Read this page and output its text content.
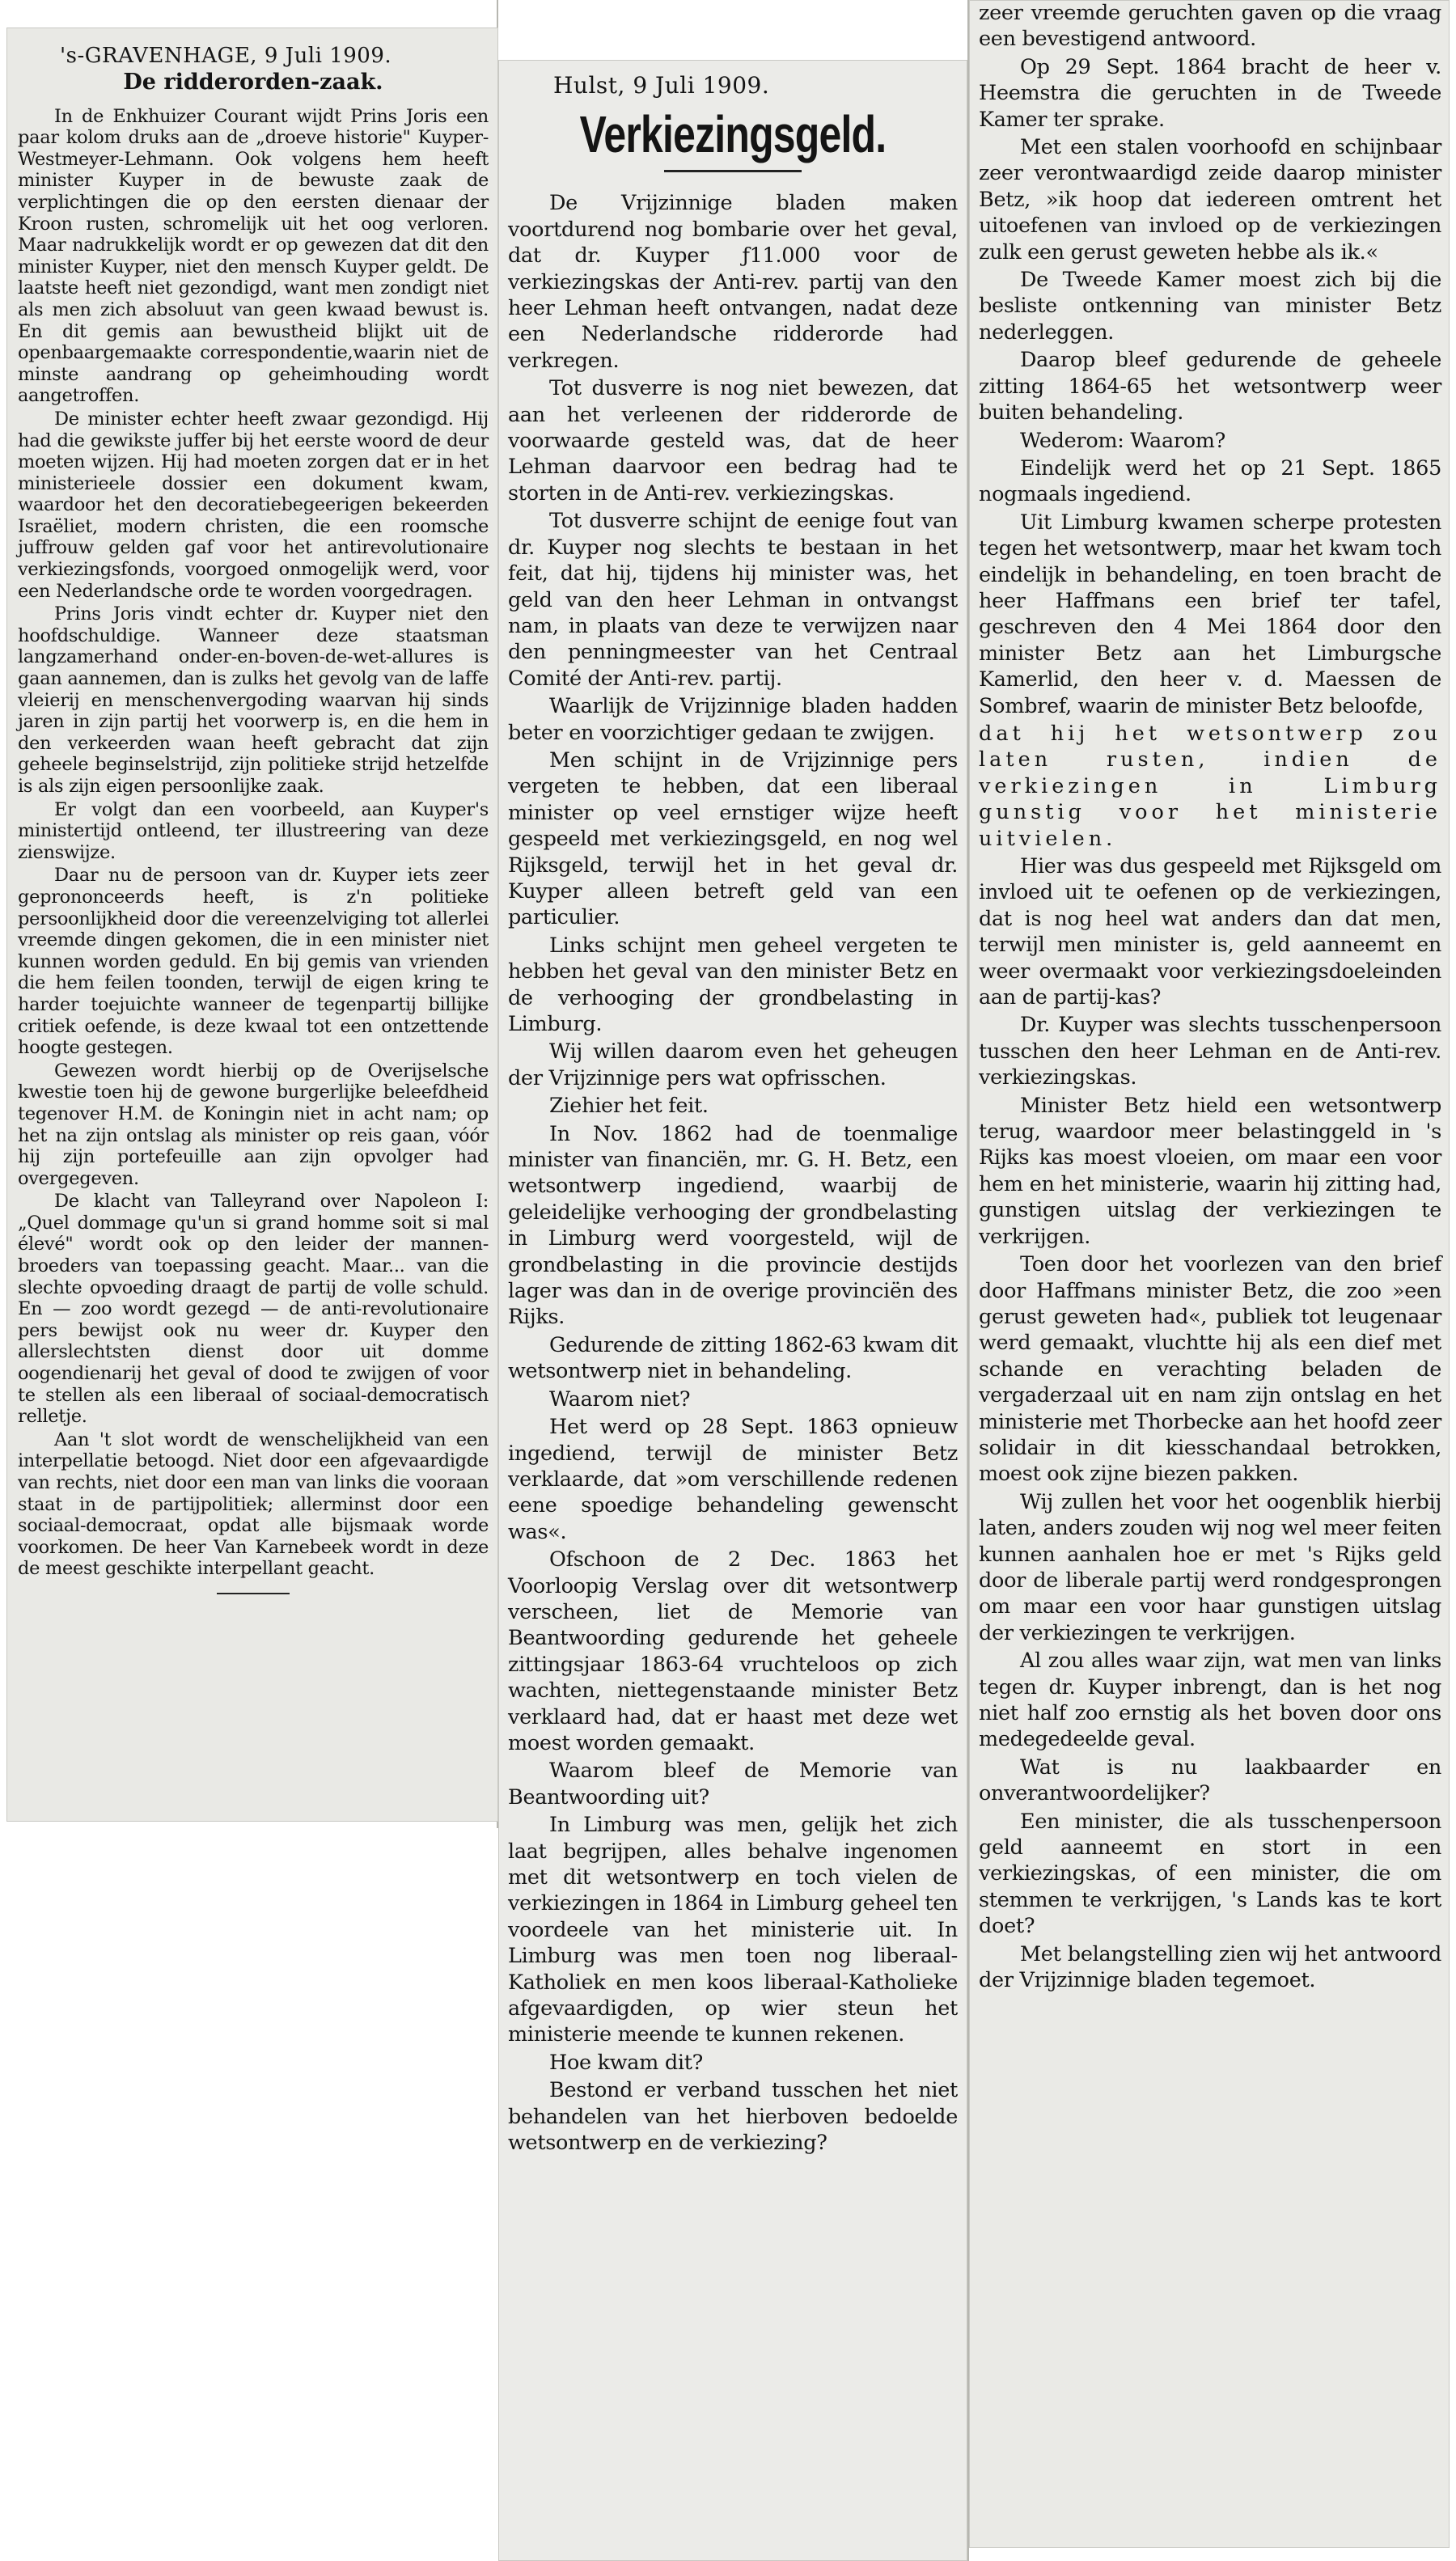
's-GRAVENHAGE, 9 Juli 1909.

De ridderorden-zaak.

In de Enkhuizer Courant wijdt Prins Joris een paar kolom druks aan de „droeve historie" Kuyper-Westmeyer-Lehmann. Ook volgens hem heeft minister Kuyper in de bewuste zaak de verplichtingen die op den eersten dienaar der Kroon rusten, schromelijk uit het oog verloren. Maar nadrukkelijk wordt er op gewezen dat dit den minister Kuyper, niet den mensch Kuyper geldt. De laatste heeft niet gezondigd, want men zondigt niet als men zich absoluut van geen kwaad bewust is. En dit gemis aan bewustheid blijkt uit de openbaargemaakte correspondentie,waarin niet de minste aandrang op geheimhouding wordt aangetroffen.

De minister echter heeft zwaar gezondigd. Hij had die gewikste juffer bij het eerste woord de deur moeten wijzen. Hij had moeten zorgen dat er in het ministerieele dossier een dokument kwam, waardoor het den decoratiebegeerigen bekeerden Israëliet, modern christen, die een roomsche juffrouw gelden gaf voor het antirevolutionaire verkiezingsfonds, voorgoed onmogelijk werd, voor een Nederlandsche orde te worden voorgedragen.

Prins Joris vindt echter dr. Kuyper niet den hoofdschuldige. Wanneer deze staatsman langzamerhand onder-en-boven-de-wet-allures is gaan aannemen, dan is zulks het gevolg van de laffe vleierij en menschenvergoding waarvan hij sinds jaren in zijn partij het voorwerp is, en die hem in den verkeerden waan heeft gebracht dat zijn geheele beginselstrijd, zijn politieke strijd hetzelfde is als zijn eigen persoonlijke zaak.

Er volgt dan een voorbeeld, aan Kuyper's ministertijd ontleend, ter illustreering van deze zienswijze.

Daar nu de persoon van dr. Kuyper iets zeer geprononceerds heeft, is z'n politieke persoonlijkheid door die vereenzelviging tot allerlei vreemde dingen gekomen, die in een minister niet kunnen worden geduld. En bij gemis van vrienden die hem feilen toonden, terwijl de eigen kring te harder toejuichte wanneer de tegenpartij billijke critiek oefende, is deze kwaal tot een ontzettende hoogte gestegen.

Gewezen wordt hierbij op de Overijselsche kwestie toen hij de gewone burgerlijke beleefdheid tegenover H.M. de Koningin niet in acht nam; op het na zijn ontslag als minister op reis gaan, vóór hij zijn portefeuille aan zijn opvolger had overgegeven.

De klacht van Talleyrand over Napoleon I: „Quel dommage qu'un si grand homme soit si mal élevé" wordt ook op den leider der mannen-broeders van toepassing geacht. Maar... van die slechte opvoeding draagt de partij de volle schuld. En — zoo wordt gezegd — de anti-revolutionaire pers bewijst ook nu weer dr. Kuyper den allerslechtsten dienst door uit domme oogendienarij het geval of dood te zwijgen of voor te stellen als een liberaal of sociaal-democratisch relletje.

Aan 't slot wordt de wenschelijkheid van een interpellatie betoogd. Niet door een afgevaardigde van rechts, niet door een man van links die vooraan staat in de partijpolitiek; allerminst door een sociaal-democraat, opdat alle bijsmaak worde voorkomen. De heer Van Karnebeek wordt in deze de meest geschikte interpellant geacht.

Hulst, 9 Juli 1909.

Verkiezingsgeld.

De Vrijzinnige bladen maken voortdurend nog bombarie over het geval, dat dr. Kuyper ƒ11.000 voor de verkiezingskas der Anti-rev. partij van den heer Lehman heeft ontvangen, nadat deze een Nederlandsche ridderorde had verkregen.

Tot dusverre is nog niet bewezen, dat aan het verleenen der ridderorde de voorwaarde gesteld was, dat de heer Lehman daarvoor een bedrag had te storten in de Anti-rev. verkiezingskas.

Tot dusverre schijnt de eenige fout van dr. Kuyper nog slechts te bestaan in het feit, dat hij, tijdens hij minister was, het geld van den heer Lehman in ontvangst nam, in plaats van deze te verwijzen naar den penningmeester van het Centraal Comité der Anti-rev. partij.

Waarlijk de Vrijzinnige bladen hadden beter en voorzichtiger gedaan te zwijgen.

Men schijnt in de Vrijzinnige pers vergeten te hebben, dat een liberaal minister op veel ernstiger wijze heeft gespeeld met verkiezingsgeld, en nog wel Rijksgeld, terwijl het in het geval dr. Kuyper alleen betreft geld van een particulier.

Links schijnt men geheel vergeten te hebben het geval van den minister Betz en de verhooging der grondbelasting in Limburg.

Wij willen daarom even het geheugen der Vrijzinnige pers wat opfrisschen.

Ziehier het feit.

In Nov. 1862 had de toenmalige minister van financiën, mr. G. H. Betz, een wetsontwerp ingediend, waarbij de geleidelijke verhooging der grondbelasting in Limburg werd voorgesteld, wijl de grondbelasting in die provincie destijds lager was dan in de overige provinciën des Rijks.

Gedurende de zitting 1862-63 kwam dit wetsontwerp niet in behandeling.

Waarom niet?

Het werd op 28 Sept. 1863 opnieuw ingediend, terwijl de minister Betz verklaarde, dat »om verschillende redenen eene spoedige behandeling gewenscht was«.

Ofschoon de 2 Dec. 1863 het Voorloopig Verslag over dit wetsontwerp verscheen, liet de Memorie van Beantwoording gedurende het geheele zittingsjaar 1863-64 vruchteloos op zich wachten, niettegenstaande minister Betz verklaard had, dat er haast met deze wet moest worden gemaakt.

Waarom bleef de Memorie van Beantwoording uit?

In Limburg was men, gelijk het zich laat begrijpen, alles behalve ingenomen met dit wetsontwerp en toch vielen de verkiezingen in 1864 in Limburg geheel ten voordeele van het ministerie uit. In Limburg was men toen nog liberaal-Katholiek en men koos liberaal-Katholieke afgevaardigden, op wier steun het ministerie meende te kunnen rekenen.

Hoe kwam dit?

Bestond er verband tusschen het niet behandelen van het hierboven bedoelde wetsontwerp en de verkiezing?

zeer vreemde geruchten gaven op die vraag een bevestigend antwoord.

Op 29 Sept. 1864 bracht de heer v. Heemstra die geruchten in de Tweede Kamer ter sprake.

Met een stalen voorhoofd en schijnbaar zeer verontwaardigd zeide daarop minister Betz, »ik hoop dat iedereen omtrent het uitoefenen van invloed op de verkiezingen zulk een gerust geweten hebbe als ik.«

De Tweede Kamer moest zich bij die besliste ontkenning van minister Betz nederleggen.

Daarop bleef gedurende de geheele zitting 1864-65 het wetsontwerp weer buiten behandeling.

Wederom: Waarom?

Eindelijk werd het op 21 Sept. 1865 nogmaals ingediend.

Uit Limburg kwamen scherpe protesten tegen het wetsontwerp, maar het kwam toch eindelijk in behandeling, en toen bracht de heer Haffmans een brief ter tafel, geschreven den 4 Mei 1864 door den minister Betz aan het Limburgsche Kamerlid, den heer v. d. Maessen de Sombref, waarin de minister Betz beloofde,

dat hij het wetsontwerp zou laten rusten, indien de verkiezingen in Limburg gunstig voor het ministerie uitvielen.

Hier was dus gespeeld met Rijksgeld om invloed uit te oefenen op de verkiezingen, dat is nog heel wat anders dan dat men, terwijl men minister is, geld aanneemt en weer overmaakt voor verkiezingsdoeleinden aan de partij-kas?

Dr. Kuyper was slechts tusschenpersoon tusschen den heer Lehman en de Anti-rev. verkiezingskas.

Minister Betz hield een wetsontwerp terug, waardoor meer belastinggeld in 's Rijks kas moest vloeien, om maar een voor hem en het ministerie, waarin hij zitting had, gunstigen uitslag der verkiezingen te verkrijgen.

Toen door het voorlezen van den brief door Haffmans minister Betz, die zoo »een gerust geweten had«, publiek tot leugenaar werd gemaakt, vluchtte hij als een dief met schande en verachting beladen de vergaderzaal uit en nam zijn ontslag en het ministerie met Thorbecke aan het hoofd zeer solidair in dit kiesschandaal betrokken, moest ook zijne biezen pakken.

Wij zullen het voor het oogenblik hierbij laten, anders zouden wij nog wel meer feiten kunnen aanhalen hoe er met 's Rijks geld door de liberale partij werd rondgesprongen om maar een voor haar gunstigen uitslag der verkiezingen te verkrijgen.

Al zou alles waar zijn, wat men van links tegen dr. Kuyper inbrengt, dan is het nog niet half zoo ernstig als het boven door ons medegedeelde geval.

Wat is nu laakbaarder en onverantwoordelijker?

Een minister, die als tusschenpersoon geld aanneemt en stort in een verkiezingskas, of een minister, die om stemmen te verkrijgen, 's Lands kas te kort doet?

Met belangstelling zien wij het antwoord der Vrijzinnige bladen tegemoet.
